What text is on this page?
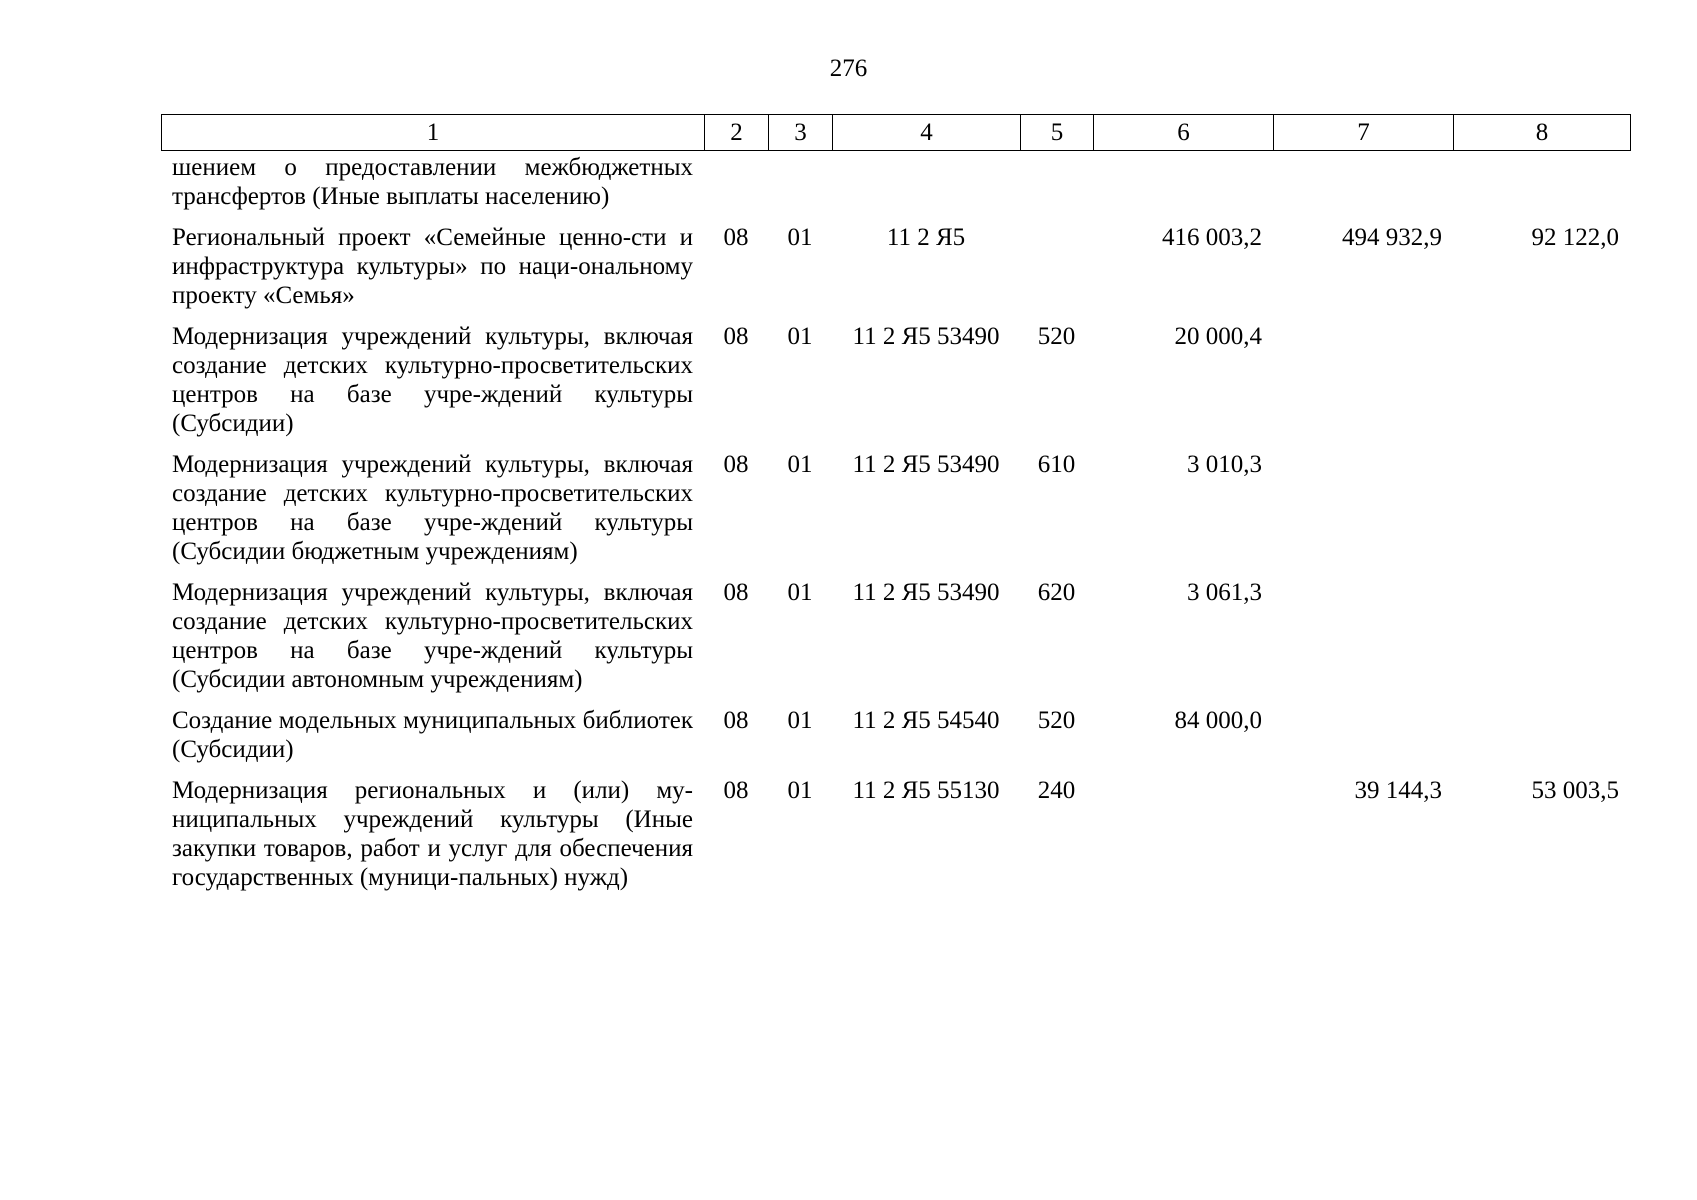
276
1	2	3	4	5	6	7	8
шением о предоставлении межбюджетных трансфертов (Иные выплаты населению)							
Региональный проект «Семейные ценно-сти и инфраструктура культуры» по наци-ональному проекту «Семья»	08	01	11 2 Я5		416 003,2	494 932,9	92 122,0
Модернизация учреждений культуры, включая создание детских культурно-просветительских центров на базе учре-ждений культуры (Субсидии)	08	01	11 2 Я5 53490	520	20 000,4		
Модернизация учреждений культуры, включая создание детских культурно-просветительских центров на базе учре-ждений культуры (Субсидии бюджетным учреждениям)	08	01	11 2 Я5 53490	610	3 010,3		
Модернизация учреждений культуры, включая создание детских культурно-просветительских центров на базе учре-ждений культуры (Субсидии автономным учреждениям)	08	01	11 2 Я5 53490	620	3 061,3		
Создание модельных муниципальных библиотек (Субсидии)	08	01	11 2 Я5 54540	520	84 000,0		
Модернизация региональных и (или) му-ниципальных учреждений культуры (Иные закупки товаров, работ и услуг для обеспечения государственных (муници-пальных) нужд)	08	01	11 2 Я5 55130	240		39 144,3	53 003,5
